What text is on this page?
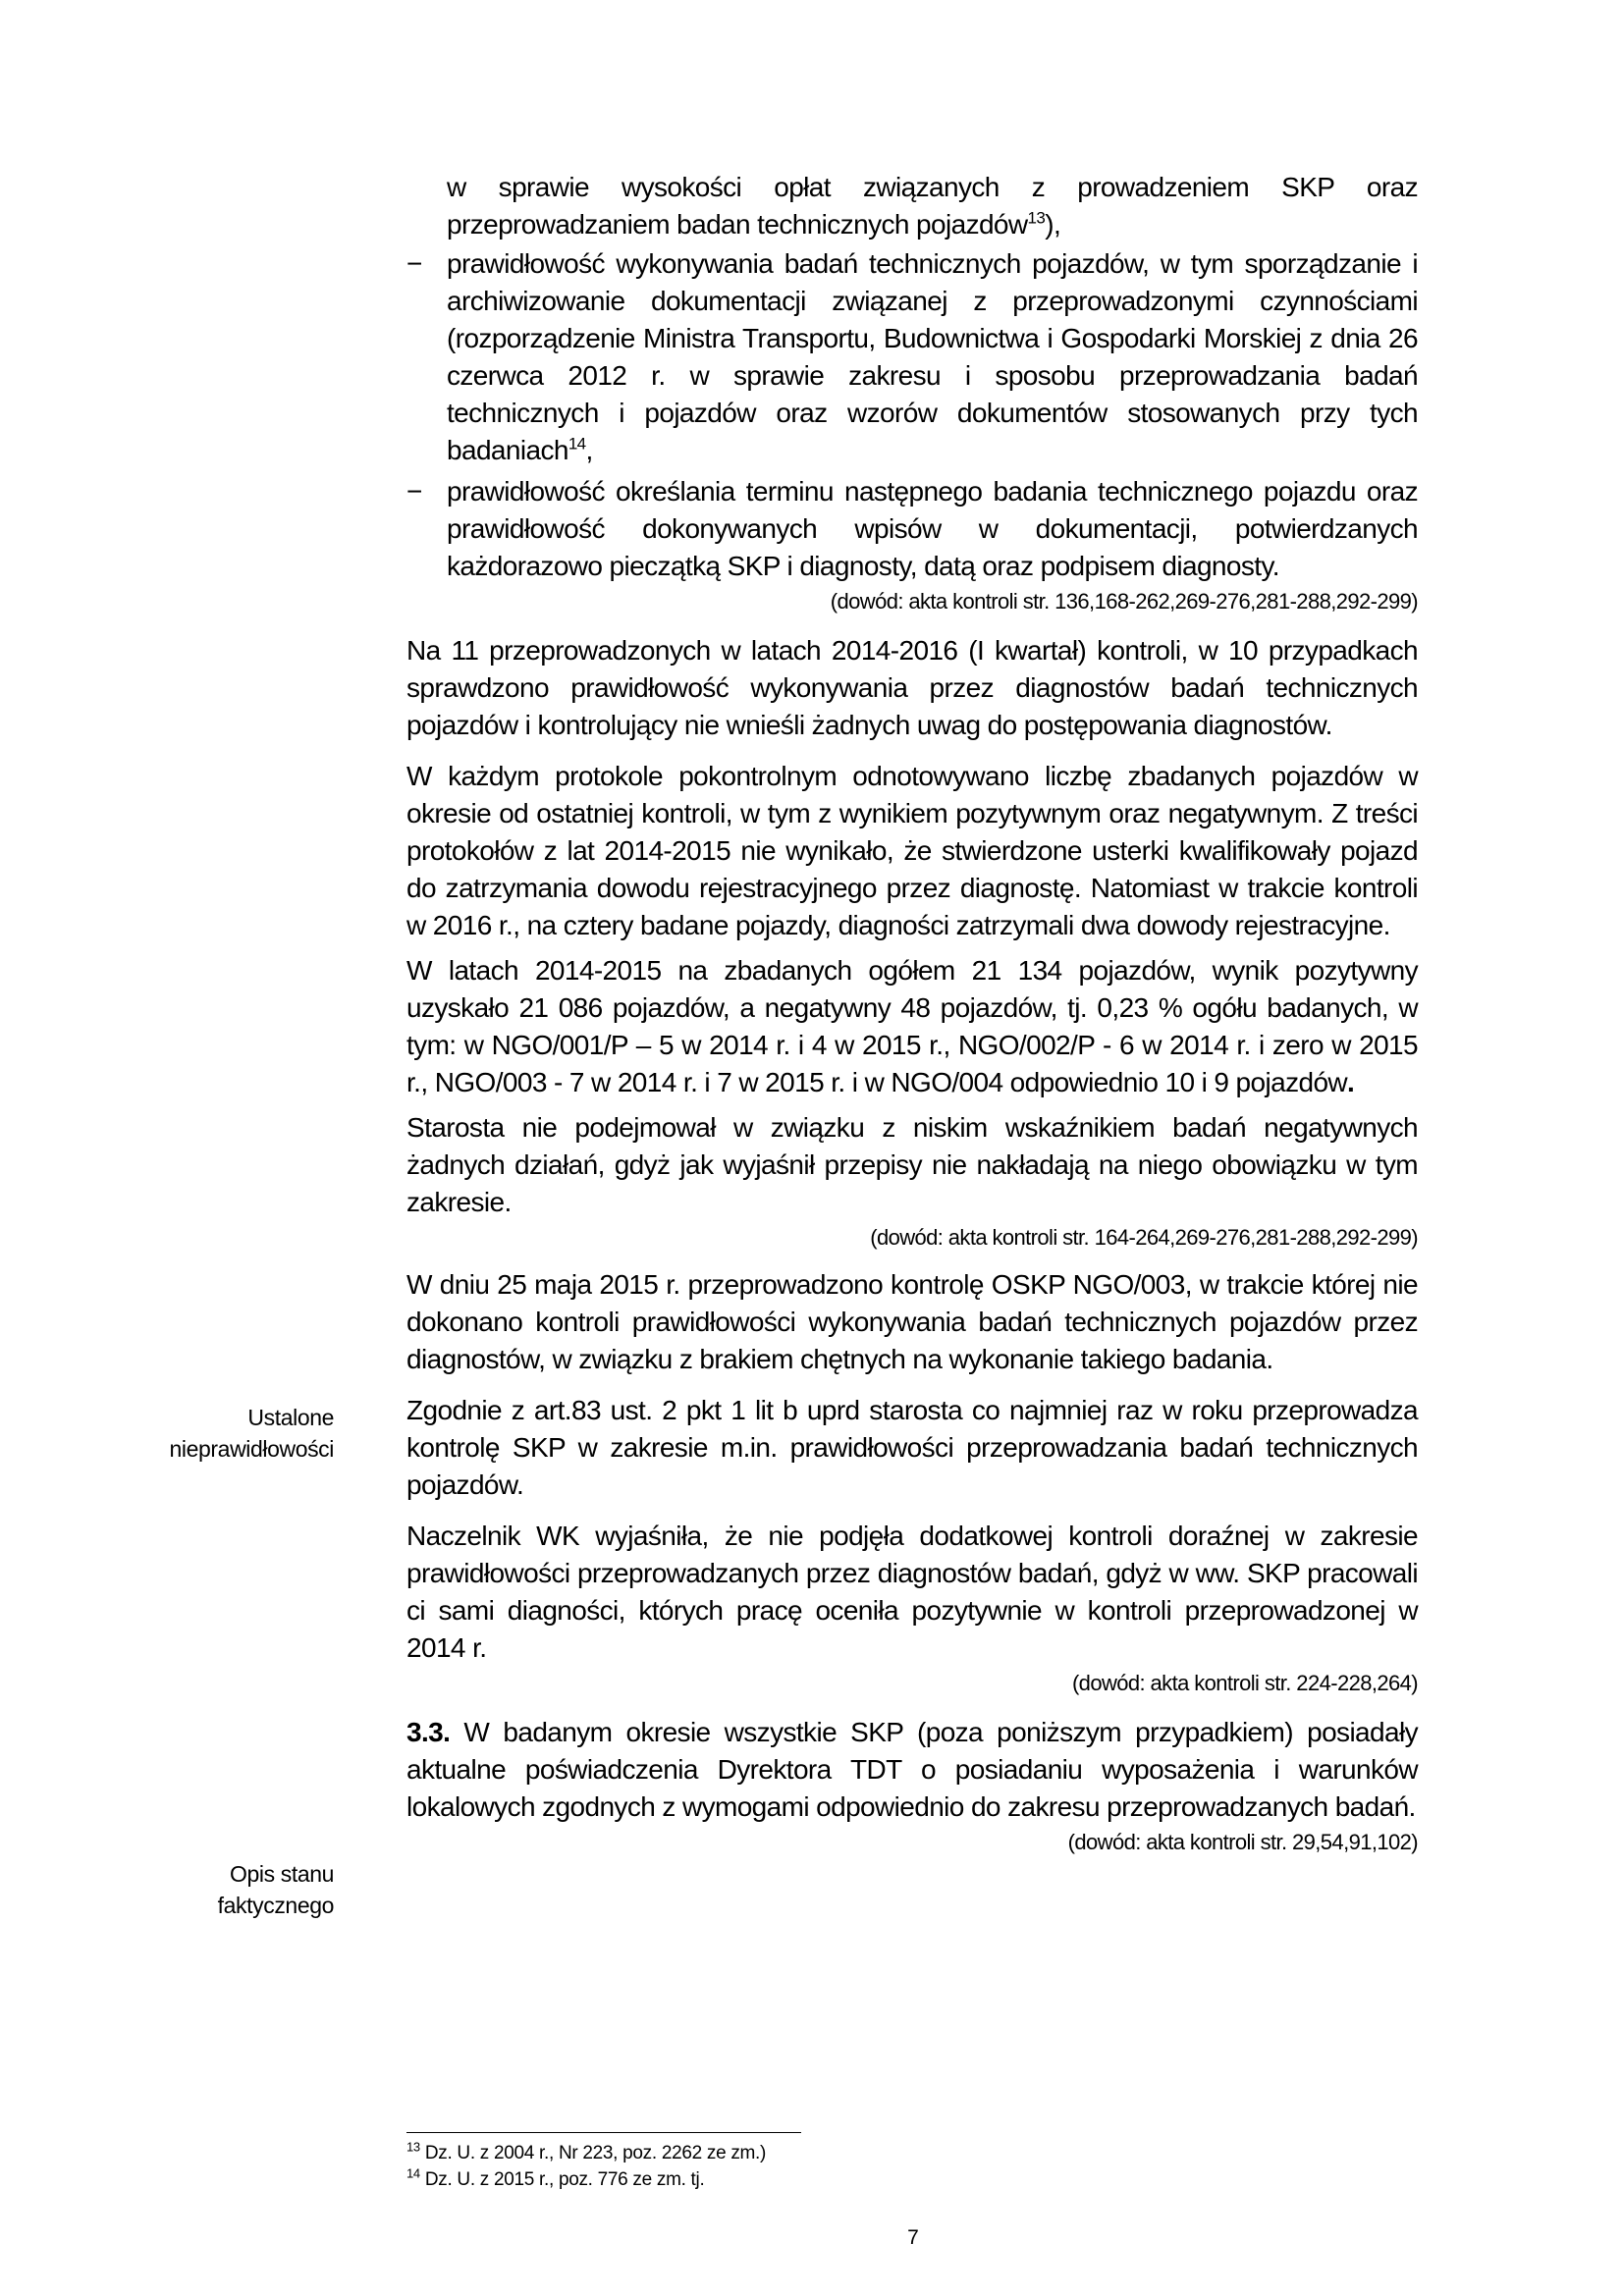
w sprawie wysokości opłat związanych z prowadzeniem SKP oraz przeprowadzaniem badan technicznych pojazdów$^{13}$),

− prawidłowość wykonywania badań technicznych pojazdów, w tym sporządzanie i archiwizowanie dokumentacji związanej z przeprowadzonymi czynnościami (rozporządzenie Ministra Transportu, Budownictwa i Gospodarki Morskiej z dnia 26 czerwca 2012 r. w sprawie zakresu i sposobu przeprowadzania badań technicznych i pojazdów oraz wzorów dokumentów stosowanych przy tych badaniach$^{14}$,
− prawidłowość określania terminu następnego badania technicznego pojazdu oraz prawidłowość dokonywanych wpisów w dokumentacji, potwierdzanych każdorazowo pieczątką SKP i diagnosty, datą oraz podpisem diagnosty.

(dowód: akta kontroli str. 136,168-262,269-276,281-288,292-299)

Na 11 przeprowadzonych w latach 2014-2016 (I kwartał) kontroli, w 10 przypadkach sprawdzono prawidłowość wykonywania przez diagnostów badań technicznych pojazdów i kontrolujący nie wnieśli żadnych uwag do postępowania diagnostów.

W każdym protokole pokontrolnym odnotowywano liczbę zbadanych pojazdów w okresie od ostatniej kontroli, w tym z wynikiem pozytywnym oraz negatywnym. Z treści protokołów z lat 2014-2015 nie wynikało, że stwierdzone usterki kwalifikowały pojazd do zatrzymania dowodu rejestracyjnego przez diagnostę. Natomiast w trakcie kontroli w 2016 r., na cztery badane pojazdy, diagności zatrzymali dwa dowody rejestracyjne.

W latach 2014-2015 na zbadanych ogółem 21 134 pojazdów, wynik pozytywny uzyskało 21 086 pojazdów, a negatywny 48 pojazdów, tj. 0,23 % ogółu badanych, w tym: w NGO/001/P – 5 w 2014 r. i 4 w 2015 r., NGO/002/P - 6 w 2014 r. i zero w 2015 r., NGO/003 - 7 w 2014 r. i 7 w 2015 r. i w NGO/004 odpowiednio 10 i 9 pojazdów.

Starosta nie podejmował w związku z niskim wskaźnikiem badań negatywnych żadnych działań, gdyż jak wyjaśnił przepisy nie nakładają na niego obowiązku w tym zakresie.

(dowód: akta kontroli str. 164-264,269-276,281-288,292-299)

W dniu 25 maja 2015 r. przeprowadzono kontrolę OSKP NGO/003, w trakcie której nie dokonano kontroli prawidłowości wykonywania badań technicznych pojazdów przez diagnostów, w związku z brakiem chętnych na wykonanie takiego badania.

Zgodnie z art.83 ust. 2 pkt 1 lit b uprd starosta co najmniej raz w roku przeprowadza kontrolę SKP w zakresie m.in. prawidłowości przeprowadzania badań technicznych pojazdów.

Naczelnik WK wyjaśniła, że nie podjęła dodatkowej kontroli doraźnej w zakresie prawidłowości przeprowadzanych przez diagnostów badań, gdyż w ww. SKP pracowali ci sami diagności, których pracę oceniła pozytywnie w kontroli przeprowadzonej w 2014 r.

(dowód: akta kontroli str. 224-228,264)

3.3. W badanym okresie wszystkie SKP (poza poniższym przypadkiem) posiadały aktualne poświadczenia Dyrektora TDT o posiadaniu wyposażenia i warunków lokalowych zgodnych z wymogami odpowiednio do zakresu przeprowadzanych badań.

(dowód: akta kontroli str. 29,54,91,102)

Ustalone
nieprawidłowości
Opis stanu
faktycznego
$^{13}$ Dz. U. z 2004 r., Nr 223, poz. 2262 ze zm.)
$^{14}$ Dz. U. z 2015 r., poz. 776 ze zm. tj.
7
